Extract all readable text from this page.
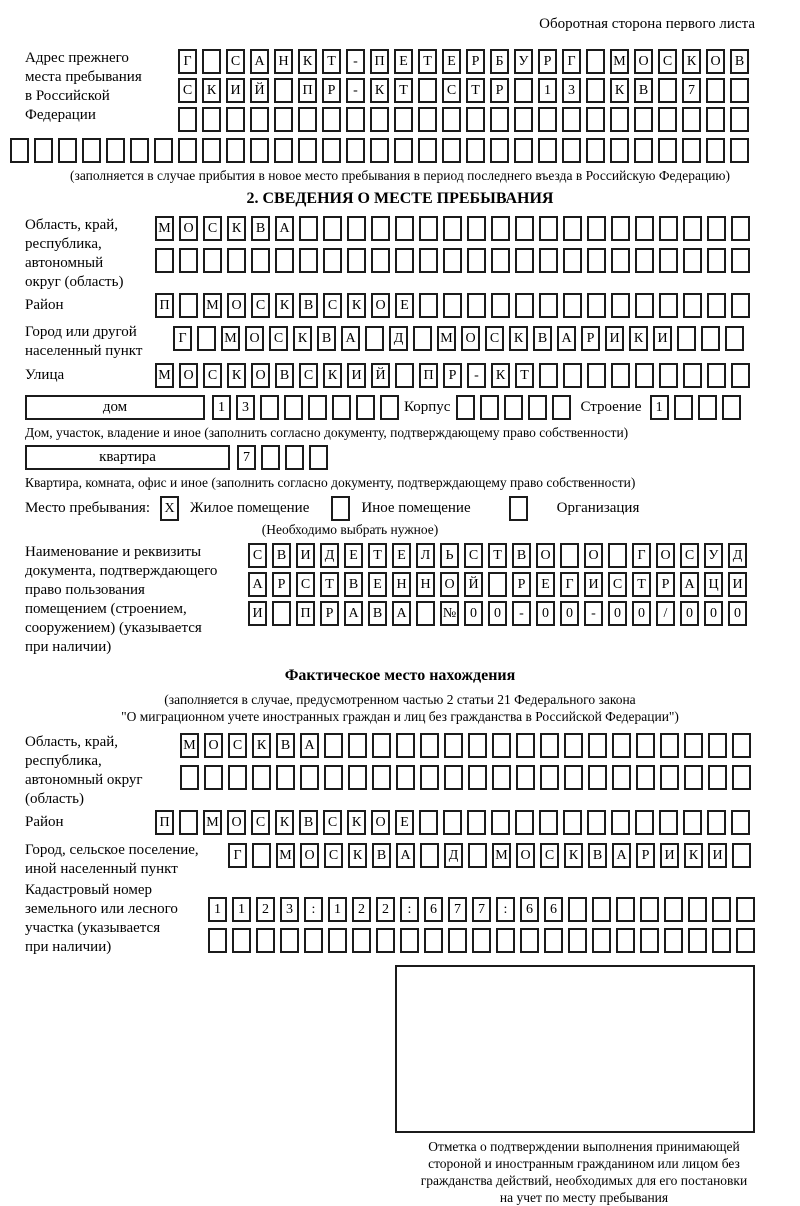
Оборотная сторона первого листа
Адрес прежнего
места пребывания
в Российской
Федерации
Г	С А Н К Т - П Е Т Е Р Б У Р Г	М О С К О В
С К И Й	П Р - К Т	С Т Р	1 3	К В	7
(заполняется в случае прибытия в новое место пребывания в период последнего въезда в Российскую Федерацию)
2. СВЕДЕНИЯ О МЕСТЕ ПРЕБЫВАНИЯ
Область, край,
республика,
автономный
округ (область)
М О С К В А
Район	П	М О С К В С К О Е
Город или другой
населенный пункт
Г	М О С К В А	Д	М О С К В А Р И К И
Улица	М О С К О В С К И Й	П Р - К Т
дом	1 3	Корпус	Строение	1
Дом, участок, владение и иное (заполнить согласно документу, подтверждающему право собственности)
квартира	7
Квартира, комната, офис и иное (заполнить согласно документу, подтверждающему право собственности)
Место пребывания:	X Жилое помещение	Иное помещение	Организация
(Необходимо выбрать нужное)
Наименование и реквизиты
документа, подтверждающего
право пользования
помещением (строением,
сооружением) (указывается
при наличии)
С В И Д Е Т Е Л Ь С Т В О	О	Г О С У Д
А Р С Т В Е Н Н О Й	Р Е Г И С Т Р А Ц И
И	П Р А В А	№ 0 0 - 0 0 - 0 0 / 0 0 0
Фактическое место нахождения
(заполняется в случае, предусмотренном частью 2 статьи 21 Федерального закона
"О миграционном учете иностранных граждан и лиц без гражданства в Российской Федерации")
Область, край,
республика,
автономный округ
(область)
М О С К В А
Район	П	М О С К В С К О Е
Город, сельское поселение,
иной населенный пункт
Г	М О С К В А	Д	М О С К В А Р И К И
Кадастровый номер
земельного или лесного
участка (указывается
при наличии)
1 1 2 3 : 1 2 2 : 6 7 7 : 6 6
Отметка о подтверждении выполнения принимающей
стороной и иностранным гражданином или лицом без
гражданства действий, необходимых для его постановки
на учет по месту пребывания
